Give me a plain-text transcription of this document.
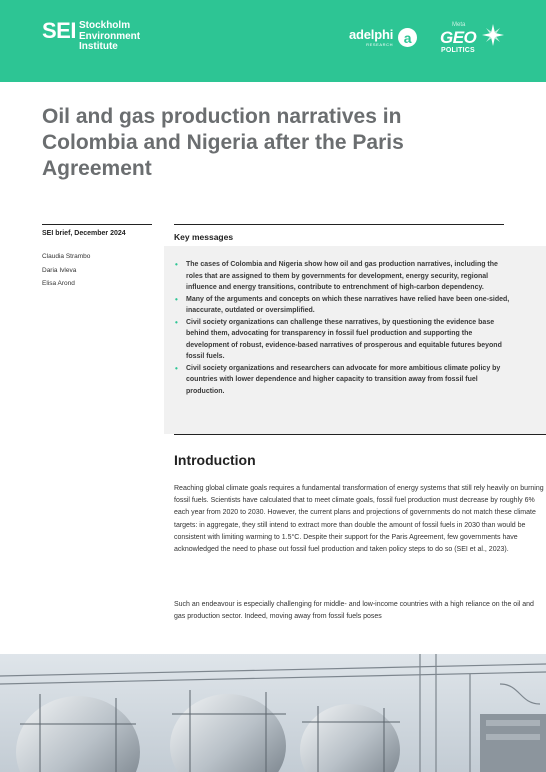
SEI Stockholm
Environment
Institute
adelphi
RESEARCH a
Meta
GEO
POLITICS
Oil and gas production narratives in Colombia and Nigeria after the Paris Agreement
SEI brief, December 2024
Claudia Strambo
Daria Ivleva
Elisa Arond
Key messages
• The cases of Colombia and Nigeria show how oil and gas production narratives, including the roles that are assigned to them by governments for development, energy security, regional influence and energy transitions, contribute to entrenchment of high-carbon dependency.
• Many of the arguments and concepts on which these narratives have relied have been one-sided, inaccurate, outdated or oversimplified.
• Civil society organizations can challenge these narratives, by questioning the evidence base behind them, advocating for transparency in fossil fuel production and supporting the development of robust, evidence-based narratives of prosperous and equitable futures beyond fossil fuels.
• Civil society organizations and researchers can advocate for more ambitious climate policy by countries with lower dependence and higher capacity to transition away from fossil fuel production.
Introduction

Reaching global climate goals requires a fundamental transformation of energy systems that still rely heavily on burning fossil fuels. Scientists have calculated that to meet climate goals, fossil fuel production must decrease by roughly 6% each year from 2020 to 2030. However, the current plans and projections of governments do not match these climate targets: in aggregate, they still intend to extract more than double the amount of fossil fuels in 2030 than would be consistent with limiting warming to 1.5°C. Despite their support for the Paris Agreement, few governments have acknowledged the need to phase out fossil fuel production and taken policy steps to do so (SEI et al., 2023).

Such an endeavour is especially challenging for middle- and low-income countries with a high reliance on the oil and gas production sector. Indeed, moving away from fossil fuels poses
